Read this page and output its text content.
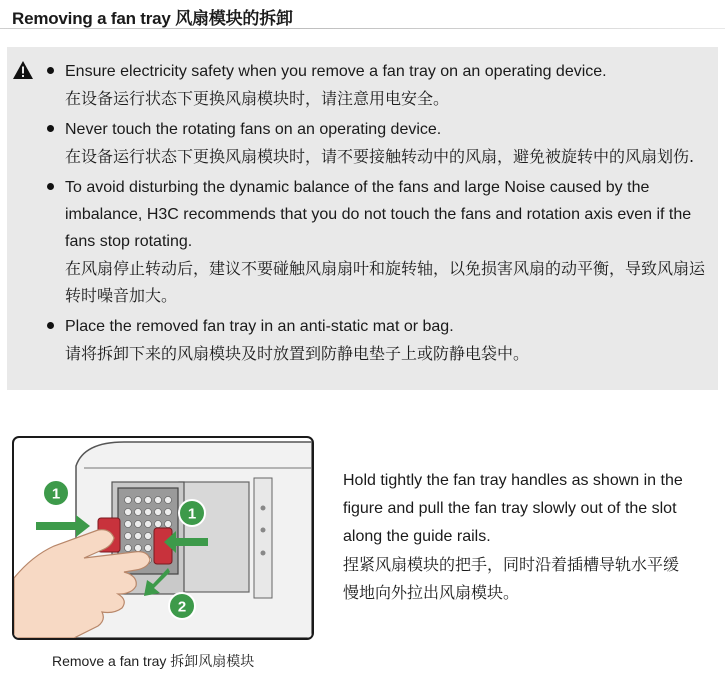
Removing a fan tray 风扇模块的拆卸

Ensure electricity safety when you remove a fan tray on an operating device.

在设备运行状态下更换风扇模块时，请注意用电安全。

Never touch the rotating fans on an operating device.

在设备运行状态下更换风扇模块时，请不要接触转动中的风扇，避免被旋转中的风扇划伤.

To avoid disturbing the dynamic balance of the fans and large Noise caused by the imbalance, H3C recommends that you do not touch the fans and rotation axis even if the fans stop rotating.

在风扇停止转动后，建议不要碰触风扇扇叶和旋转轴，以免损害风扇的动平衡，导致风扇运转时噪音加大。

Place the removed fan tray in an anti-static mat or bag.

请将拆卸下来的风扇模块及时放置到防静电垫子上或防静电袋中。

1
1
2
Remove a fan tray 拆卸风扇模块

Hold tightly the fan tray handles as shown in the figure and pull the fan tray slowly out of the slot along the guide rails.

捏紧风扇模块的把手，同时沿着插槽导轨水平缓慢地向外拉出风扇模块。
